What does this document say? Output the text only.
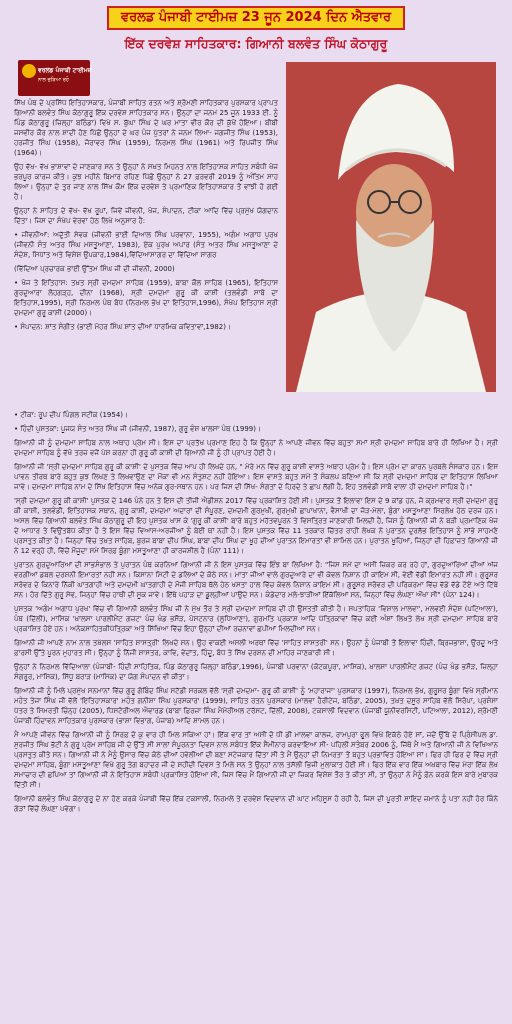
ਵਰਲਡ ਪੰਜਾਬੀ ਟਾਈਮਜ਼ 23 ਜੂਨ 2024 ਦਿਨ ਐਤਵਾਰ
ਇੱਕ ਦਰਵੇਸ਼ ਸਾਹਿਤਕਾਰ: ਗਿਆਨੀ ਬਲਵੰਤ ਸਿੰਘ ਕੋਠਾਗੁਰੂ
ਵਰਲਡ ਪੰਜਾਬੀ ਟਾਈਮਜ਼
ਨਾਲ ਜੁੜਿਆ ਰਹੋ

ਸਿੱਖ ਪੰਥ ਦੇ ਪ੍ਰਸਿੱਧ ਇਤਿਹਾਸਕਾਰ, ਪੰਜਾਬੀ ਸਾਹਿਤ ਰਤਨ ਅਤੇ ਸ਼੍ਰੋਮਣੀ ਸਾਹਿਤਕਾਰ ਪੁਰਸਕਾਰ ਪ੍ਰਾਪਤ ਗਿਆਨੀ ਬਲਵੰਤ ਸਿੰਘ ਕੋਠਾਗੁਰੂ ਇੱਕ ਦਰਵੇਸ਼ ਸਾਹਿਤਕਾਰ ਸਨ। ਉਨ੍ਹਾਂ ਦਾ ਜਨਮ 25 ਜੂਨ 1933 ਈ. ਨੂੰ ਪਿੰਡ ਕੋਠਾਗੁਰੂ (ਜ਼ਿਲ੍ਹਾ ਬਠਿੰਡਾ) ਵਿਖੇ ਸ. ਬੁੱਘਾ ਸਿੰਘ ਦੇ ਘਰ ਮਾਤਾ ਵੀਰ ਕੌਰ ਦੀ ਕੁੱਖੋਂ ਹੋਇਆ। ਬੀਬੀ ਜਸਵੀਰ ਕੌਰ ਨਾਲ ਸ਼ਾਦੀ ਹੋਣ ਪਿੱਛੋਂ ਉਨ੍ਹਾਂ ਦੇ ਘਰ ਪੰਜ ਪੁੱਤਰਾਂ ਨੇ ਜਨਮ ਲਿਆ- ਜਗਜੀਤ ਸਿੰਘ (1953), ਹਰਜੀਤ ਸਿੰਘ (1958), ਜੋਰਾਵਰ ਸਿੰਘ (1959), ਨਿਰਮਲ ਸਿੰਘ (1961) ਅਤੇ ਰਿਪਜੀਤ ਸਿੰਘ (1964)।

ਉਹ ਵੱਖ- ਵੱਖ ਭਾਸ਼ਾਵਾਂ ਦੇ ਜਾਣਕਾਰ ਸਨ ਤੇ ਉਨ੍ਹਾਂ ਨੇ ਸਖ਼ਤ ਮਿਹਨਤ ਨਾਲ ਇਤਿਹਾਸਕ ਸਾਹਿਤ ਸਬੰਧੀ ਖੋਜ ਭਰਪੂਰ ਕਾਰਜ ਕੀਤੇ। ਕੁਝ ਮਹੀਨੇ ਬਿਮਾਰ ਰਹਿਣ ਪਿੱਛੋਂ ਉਨ੍ਹਾਂ ਨੇ 27 ਫ਼ਰਵਰੀ 2019 ਨੂੰ ਅੰਤਿਮ ਸਾਹ ਲਿਆ। ਉਨ੍ਹਾਂ ਦੇ ਤੁਰ ਜਾਣ ਨਾਲ ਸਿੱਖ ਕੌਮ ਇੱਕ ਦਰਵੇਸ਼ ਤੇ ਪ੍ਰਮਾਣਿਕ ਇਤਿਹਾਸਕਾਰ ਤੋਂ ਵਾਂਝੀ ਹੋ ਗਈ ਹੈ।

ਉਨ੍ਹਾਂ ਨੇ ਸਾਹਿਤ ਦੇ ਵੱਖ- ਵੱਖ ਰੂਪਾਂ, ਜਿਵੇਂ ਜੀਵਨੀ, ਖੋਜ, ਸੰਪਾਦਨ, ਟੀਕਾ ਆਦਿ ਵਿੱਚ ਪ੍ਰਮੁੱਖ ਯੋਗਦਾਨ ਦਿੱਤਾ। ਜਿਸ ਦਾ ਸੰਖੇਪ ਵੇਰਵਾ ਹੇਠ ਲਿਖੇ ਅਨੁਸਾਰ ਹੈ:

• ਜੀਵਨੀਆਂ: ਅਦੁੱਤੀ ਸੇਵਕ (ਜੀਵਨੀ ਭਾਈ ਦਿਆਲ ਸਿੰਘ ਪਰਵਾਨਾ, 1955), ਅਗੰਮ ਅਗਾਧ ਪੁਰਖ (ਜੀਵਨੀ ਸੰਤ ਅਤਰ ਸਿੰਘ ਮਸਤੂਆਣਾ, 1983), ਏਕ ਪੁਰਖ ਅਪਾਰ (ਸੰਤ ਅਤਰ ਸਿੰਘ ਮਸਤੂਆਣਾ ਦੇ ਸੰਦੇਸ਼, ਸਿਧਾਂਤ ਅਤੇ ਵਿਸ਼ੇਸ਼ ਉਪਕਾਰ,1984),ਵਿੱਦਿਆਸਾਗਰ ਦਾ ਵਿੱਦਿਆ ਸਾਗਰ

(ਵਿੱਦਿਆ ਪ੍ਰਚਾਰਕ ਭਾਈ ਉੱਤਮ ਸਿੰਘ ਜੀ ਦੀ ਜੀਵਨੀ, 2000)

• ਖੋਜ ਤੇ ਇਤਿਹਾਸ: ਤਖ਼ਤ ਸ੍ਰੀ ਦਮਦਮਾ ਸਾਹਿਬ (1959), ਬਾਬਾ ਕੌਲ ਸਾਹਿਬ (1965), ਇਤਿਹਾਸ ਗੁਰਦੁਆਰਾ ਲੋਹਗੜ੍ਹ, ਦੀਨਾ (1968), ਸ੍ਰੀ ਦਮਦਮਾ ਗੁਰੂ ਕੀ ਕਾਸ਼ੀ (ਤਲਵੰਡੀ ਸਾਬੋ ਦਾ ਇਤਿਹਾਸ,1995), ਸ੍ਰੀ ਨਿਰਮਲ ਪੰਥ ਬੋਧ (ਨਿਰਮਲ ਭੇਖ ਦਾ ਇਤਿਹਾਸ,1996), ਸੰਖੇਪ ਇਤਿਹਾਸ ਸ੍ਰੀ ਦਮਦਮਾ ਗੁਰੂ ਕਾਸ਼ੀ (2000)।

• ਸੰਪਾਦਨ: ਸ਼ਾਂਤ ਸੰਗੀਤ (ਭਾਈ ਮੋਹਰ ਸਿੰਘ ਸ਼ਾਂਤ ਦੀਆਂ ਧਾਰਮਿਕ ਕਵਿਤਾਵਾਂ,1982)।

• ਟੀਕਾ: ਰੂਪ ਦੀਪ ਪਿੰਗਲ ਸਟੀਕ (1954)।

• ਹਿੰਦੀ ਪੁਸਤਕਾਂ: ਪੂਜਯ ਸੰਤ ਅਤਰ ਸਿੰਘ ਜੀ (ਜੀਵਨੀ, 1987), ਗੁਰੂ ਵੰਸ਼ ਖ਼ਾਲਸਾ ਪੰਥ (1999)।

ਗਿਆਨੀ ਜੀ ਨੂੰ ਦਮਦਮਾ ਸਾਹਿਬ ਨਾਲ ਅਥਾਹ ਪ੍ਰੇਮ ਸੀ। ਇਸ ਦਾ ਪ੍ਰਤੱਖ ਪ੍ਰਮਾਣ ਇਹ ਹੈ ਕਿ ਉਨ੍ਹਾਂ ਨੇ ਆਪਣੇ ਜੀਵਨ ਵਿੱਚ ਬਹੁਤਾ ਸਮਾਂ ਸ੍ਰੀ ਦਮਦਮਾ ਸਾਹਿਬ ਬਾਰੇ ਹੀ ਲਿਖਿਆ ਹੈ। ਸ੍ਰੀ ਦਮਦਮਾ ਸਾਹਿਬ ਨੂੰ ਵੱਖੋ ਤਰਜ਼ ਵਜੋਂ ਪੇਸ਼ ਕਰਨਾ ਹੀ ਗੁਰੂ ਕੀ ਕਾਸ਼ੀ ਦੀ ਗਿਆਨੀ ਜੀ ਨੂੰ ਹੀ ਪ੍ਰਾਪਤ ਹੋਈ ਹੈ।

ਗਿਆਨੀ ਜੀ 'ਸ੍ਰੀ ਦਮਦਮਾ ਸਾਹਿਬ ਗੁਰੂ ਕੀ ਕਾਸ਼ੀ' ਦੇ ਪੁਸਤਕ ਵਿੱਚ ਆਪ ਹੀ ਲਿਖਦੇ ਹਨ, " ਮੇਰੇ ਮਨ ਵਿੱਚ ਗੁਰੂ ਕਾਸ਼ੀ ਵਾਸਤੇ ਅਥਾਹ ਪ੍ਰੇਮ ਹੈ। ਇਸ ਪ੍ਰੇਮ ਦਾ ਕਾਰਨ ਪੁਰਬਲੇ ਸੰਸਕਾਰ ਹਨ। ਇਸ ਪਾਵਨ ਤੀਰਥ ਬਾਰੇ ਬਹੁਤ ਕੁਝ ਲਿਖਣ ਤੇ ਲਿਖਵਾਉਣ ਦਾ ਮੌਕਾ ਵੀ ਮਨ ਸੰਤੁਸ਼ਟ ਨਹੀਂ ਹੋਇਆ। ਇਸ ਵਾਸਤੇ ਬਹੁਤ ਸਮੇਂ ਤੋਂ ਸੰਕਲਪ ਬਣਿਆ ਸੀ ਕਿ ਸ੍ਰੀ ਦਮਦਮਾ ਸਾਹਿਬ ਦਾ ਇਤਿਹਾਸ ਲਿਖਿਆ ਜਾਵੇ। ਦਮਦਮਾ ਸਾਹਿਬ ਨਾਮ ਦੇ ਸਿੱਖ ਇਤਿਹਾਸ ਵਿੱਚ ਅਨੇਕ ਗੁਰ-ਸਥਾਨ ਹਨ। ਪਰ ਜਿਸ ਦੀ ਸਿੱਖ- ਸੰਗਤਾਂ ਦੇ ਹਿਰਦੇ ਤੇ ਛਾਪ ਲੱਗੀ ਹੈ, ਇਹ ਤਲਵੰਡੀ ਸਾਬੋ ਵਾਲਾ ਹੀ ਦਮਦਮਾ ਸਾਹਿਬ ਹੈ।"

'ਸ੍ਰੀ ਦਮਦਮਾ ਗੁਰੂ ਕੀ ਕਾਸ਼ੀ' ਪੁਸਤਕ ਦੇ 146 ਪੰਨੇ ਹਨ ਤੇ ਇਸ ਦੀ ਤੀਜੀ ਐਡੀਸ਼ਨ 2017 ਵਿੱਚ ਪ੍ਰਕਾਸ਼ਿਤ ਹੋਈ ਸੀ। ਪੁਸਤਕ ਤੋਂ ਇਲਾਵਾ ਇਸ ਦੇ 9 ਕਾਂਡ ਹਨ, ਜੋ ਕ੍ਰਮਵਾਰ ਸ੍ਰੀ ਦਮਦਮਾ ਗੁਰੂ ਕੀ ਕਾਸ਼ੀ, ਤਲਵੰਡੀ, ਇਤਿਹਾਸਕ ਸਥਾਨ, ਗੁਰੂ ਕਾਸ਼ੀ, ਦਮਦਮਾ ਅਦਾਰਾਂ ਦੀ ਸੰਪੂਰਣ, ਦਮਦਮੀ ਗੁਰਮੁਖੀ, ਗੁਰਮੁਖੀ ਛਾਪਾਖਾਨਾ, ਵੈਸਾਖੀ ਦਾ ਜੋੜ-ਮੇਲਾ, ਬੁੰਗਾ ਮਸਤੂਆਣਾ ਸਿਰਲੇਖ ਹੇਠ ਦਰਜ ਹਨ। ਅਸਲ ਵਿੱਚ ਗਿਆਨੀ ਬਲਵੰਤ ਸਿੰਘ ਕੋਠਾਗੁਰੂ ਦੀ ਇਹ ਪੁਸਤਕ ਖਾਸ ਕੇ 'ਗੁਰੂ ਕੀ ਕਾਸ਼ੀ' ਬਾਰੇ ਬਹੁਤ ਮਹੱਤਵਪੂਰਨ ਤੇ ਵਿਸਤ੍ਰਿਤ ਜਾਣਕਾਰੀ ਮਿਲਦੀ ਹੈ, ਜਿਸ ਨੂੰ ਗਿਆਨੀ ਜੀ ਨੇ ਬੜੀ ਪ੍ਰਮਾਣਿਕ ਖੋਜ ਦੇ ਆਧਾਰ ਤੇ ਵਿਉਂਤਬੱਧ ਕੀਤਾ ਹੈ ਤੇ ਇਸ ਵਿੱਚ ਵਿਆਸ-ਅਰਜੀਆਂ ਨੂੰ ਬੇਈ ਥਾਂ ਨਹੀਂ ਹੈ। ਇਸ ਪੁਸਤਕ ਵਿੱਚ 11 ਤਰਕਾਰ ਚਿੱਤਰ ਰਾਹੀਂ ਲੇਖਕ ਨੇ ਪੁਰਾਤਨ ਦੁਰਲੱਭ ਇਤਿਹਾਸ ਨੂੰ ਸਾਂਭੇ ਸਾਹਮਣੇ ਪ੍ਰਸਤੁਤ ਕੀਤਾ ਹੈ। ਜਿਨ੍ਹਾਂ ਵਿੱਚ ਤਖ਼ਤ ਸਾਹਿਬ, ਬੁਰਜ ਬਾਬਾ ਦੀਪ ਸਿੰਘ, ਬਾਬਾ ਦੀਪ ਸਿੰਘ ਦਾ ਖੂਹ ਦੀਆਂ ਪੁਰਾਤਨ ਇਮਾਰਤਾਂ ਵੀ ਸ਼ਾਮਿਲ ਹਨ। ਪੁਰਾਤਨ ਖੂਹਿਆਂ, ਜਿਨ੍ਹਾਂ ਦੀ ਹਿਫ਼ਾਜ਼ਤ ਗਿਆਨੀ ਜੀ ਨੇ 12 ਵਰ੍ਹੇ ਹੀ, ਵਿੱਚੋਂ ਮੌਜੂਦਾ ਸਮੇਂ ਸਿਰਫ਼ ਬੂੰਗਾ ਮਸਤੂਆਣਾ ਹੀ ਕਾਰਜਸ਼ੀਲ ਹੈ (ਪੰਨਾ 111)।

ਪੁਰਾਤਨ ਗੁਰਦੁਆਰਿਆਂ ਦੀ ਸਾਂਭਸੰਭਾਲ ਤੇ ਪੁਰਾਤਨ ਪੰਥ ਕਰਨਿਆਂ ਗਿਆਨੀ ਜੀ ਨੇ ਇਸ ਪੁਸਤਕ ਵਿੱਚ ਇੰਝ ਬਾ ਲਿਖਿਆ ਹੈ: "ਜਿਸ ਸਮੇਂ ਦਾ ਅਸੀਂ ਜ਼ਿਕਰ ਕਰ ਰਹੇ ਹਾਂ, ਗੁਰਦੁਆਰਿਆਂ ਦੀਆਂ ਅੱਜ ਵਰਗੀਆਂ ਡਬਲ ਦਰਸ਼ਨੀ ਇਮਾਰਤਾਂ ਨਹੀਂ ਸਨ। ਕਿਸਾਨਾ ਮਿੱਟੀ ਦੇ ਡਲਿਆਂ ਦੇ ਕੋਠੇ ਸਨ। ਮਾਤਾ ਜੀਆਂ ਵਾਲੇ ਗੁਰਦੁਆਰੇ ਦਾ ਵੀ ਕੇਵਲ ਨਿਸ਼ਾਨ ਹੀ ਕਾਇਮ ਸੀ, ਵੇਈਂ ਵੱਡੀ ਇਮਾਰਤ ਨਹੀਂ ਸੀ। ਗੁਰੂਸਰ ਸਰੋਵਰ ਦੇ ਕਿਨਾਰੇ ਨਿੱਕੀ ਘਾਤਗਾਹੀ ਅਤੇ ਦਮਦਮੀ ਘਾਤਗਾਹੀ ਦੇ ਮੌਜੀ ਸਾਹਿਬ ਥੱਲੇ ਹੇਠ ਖਸਤਾ ਹਾਲ ਵਿੱਚ ਕੇਵਲ ਨਿਸ਼ਾਨ ਕਾਇਮ ਸੀ। ਗੁਰੂਸਰ ਸਰੋਵਰ ਦੀ ਪਰਿਕਰਮਾ ਵਿੱਚ ਵੱਡੇ ਵੱਡੇ ਟੋਏ ਅਤੇ ਟਿੱਬੇ ਸਨ। ਹੋਰ ਦਿੱਤੇ ਗੁਰੂ ਸੇਵ, ਜਿਨ੍ਹਾਂ ਵਿੱਚ ਹਾਥੀ ਦੀ ਸੂਕ ਜਾਵੇ। ਇੱਥੇ ਪਹਾੜ ਦਾ ਡੂਲ੍ਹੀਆਂ ਪਾਉਂਦੇ ਸਨ। ਕੰਡੇਦਾਰ ਮਲੇ-ਝਾੜੀਆਂ ਇੱਕੱਲਿਆਂ ਸਨ, ਜਿਨ੍ਹਾਂ ਵਿੱਚ ਲੰਘਣਾ ਔਖਾ ਸੀ" (ਪੰਨਾ 124)।

ਪੁਸਤਕ 'ਅਗੰਮ ਅਗਾਧ ਪੁਰਖ' ਵਿੱਚ ਵੀ ਗਿਆਨੀ ਬਲਵੰਤ ਸਿੰਘ ਜੀ ਨੇ ਮੁੱਖ ਤੌਰ ਤੇ ਸ੍ਰੀ ਦਮਦਮਾ ਸਾਹਿਬ ਦੀ ਹੀ ਉਸਤਤੀ ਕੀਤੀ ਹੈ। ਸਪਤਾਹਿਕ 'ਵਿਸ਼ਾਲ ਮਾਲਵਾ', ਮਲਵਈ ਸੰਦੇਸ਼ (ਪਟਿਆਲਾ), ਪੰਥ (ਦਿੱਲੀ), ਮਾਸਿਕ 'ਖ਼ਾਲਸਾ ਪਾਰਲੀਮੈਂਟ ਗਜ਼ਟ' ਪੰਚ ਖੰਡ ਭਸੌੜ, ਪੋਸਟਨਾਰ (ਲੁਧਿਆਣਾ), ਗੁਰਮਤਿ ਪ੍ਰਕਾਸ਼ ਆਦਿ ਪੱਤ੍ਰਿਕਾਵਾਂ ਵਿੱਚ ਕਈਂ ਅੰਸ਼ਾਂ ਲਿਖਤੇ ਲੇਖ ਸ੍ਰੀ ਦਮਦਮਾ ਸਾਹਿਬ ਬਾਰੇ ਪ੍ਰਕਾਸ਼ਿਤ ਹੋਏ ਹਨ। ਅਨੇਕਸਾਹਿਤਕੀਪੱਤ੍ਰਿਕਾ ਅਤੇ ਸਿੱਖਿਆ ਵਿੱਚ ਇਹਾ ਉਨ੍ਹਾਂ ਦੀਆਂ ਰਚਨਾਵਾਂ ਛਪੀਆਂ ਮਿਲਦੀਆਂ ਸਨ।

ਗਿਆਨੀ ਜੀ ਆਪਣੇ ਨਾਮ ਨਾਲ ਤਖ਼ੱਲਸ 'ਸਾਹਿਤ ਸ਼ਾਸਤ੍ਰੀ' ਲਿਖਦੇ ਸਨ। ਉਹ ਵਾਕਈ ਅਸਲੀ ਅਰਥਾਂ ਵਿੱਚ 'ਸਾਹਿਤ ਸ਼ਾਸਤਰੀ' ਸਨ। ਉਹਨਾਂ ਨੂੰ ਪੰਜਾਬੀ ਤੋਂ ਇਲਾਵਾ ਹਿੰਦੀ, ਬ੍ਰਿਜਭਾਸ਼ਾ, ਉਰਦੂ ਅਤੇ ਫ਼ਾਰਸੀ ਉੱਤੇ ਪੂਰਨ ਮੁਹਾਰਤ ਸੀ। ਉਨ੍ਹਾਂ ਨੂੰ ਨਿੱਜੀ ਸ਼ਾਸਤਰ, ਕਾਵਿ, ਵੇਦਾਂਤ, ਹਿੰਦੂ, ਬੋਧ ਤੇ ਸਿੱਖ ਦਰਸ਼ਨ ਦੀ ਮਾਹਿਰ ਜਾਣਕਾਰੀ ਸੀ।

ਉਨ੍ਹਾਂ ਨੇ ਨਿਰਮਲ ਵਿੱਦਿਆਲਾ (ਪੰਜਾਬੀ- ਹਿੰਦੀ ਸਾਹਿਤਿਕ, ਪਿੰਡ ਕੋਠਾਗੁਰੂ ਜ਼ਿਲ੍ਹਾ ਬਠਿੰਡਾ,1996), ਪੰਜਾਬੀ ਪਰਵਾਨਾ (ਕੋਟਕਪੂਰਾ, ਮਾਸਿਕ), ਖ਼ਾਲਸਾ ਪਾਰਲੀਮੈਂਟ ਗਜ਼ਟ (ਪੰਚ ਖੰਡ ਭਸੌੜ, ਜ਼ਿਲ੍ਹਾ ਸੰਗਰੂਰ, ਮਾਸਿਕ), ਸਿੱਧੂ ਬਰਾੜ (ਮਾਸਿਕ) ਦਾ ਯੋਗ ਸੰਪਾਦਨ ਵੀ ਕੀਤਾ।

ਗਿਆਨੀ ਜੀ ਨੂੰ ਮਿਲੇ ਪ੍ਰਮੁੱਖ ਸਨਮਾਨਾਂ ਵਿੱਚ ਗੁਰੂ ਗੋਬਿੰਦ ਸਿੰਘ ਸਟੱਡੀ ਸਰਕਲ ਵੱਲੋਂ 'ਸ੍ਰੀ ਦਮਦਮਾ- ਗੁਰੂ ਕੀ ਕਾਸ਼ੀ' ਨੂੰ 'ਮਹਾਰਾਜਾ' ਪੁਰਸਕਾਰ (1997), ਨਿਰਮਲ ਭੇਖ, ਗੁਰੂਸਰ ਬੂੰਗਾ ਵਿਖੇ ਸ੍ਰੀਮਾਨ ਮਹੰਤ ਤੇਜਾ ਸਿੰਘ ਜੀ ਵੱਲੋਂ 'ਇਤਿਹਾਸਕਾਰ' ਮਹੰਤ ਗਨੀਸ਼ਾ ਸਿੰਘ ਪੁਰਸਕਾਰ' (1999), ਸਾਹਿਤ ਰਤਨ ਪੁਰਸਕਾਰ (ਮਾਲਵਾ ਹੈਰੀਟੇਜ, ਬਠਿੰਡਾ, 2005), ਤਖ਼ਤ ਦਸੂਰ ਸਾਹਿਬ ਵੱਲੋਂ ਸਿਰੋਪਾ, ਪ੍ਰਸ਼ੰਸਾ ਪੱਤਰ ਤੇ ਸਿਮਰਤੀ ਚਿੰਨ੍ਹ (2005), ਧਿਸਟੋਰੀਅਲ ਐਵਾਰਡ (ਬਾਬਾ ਫ਼ਿਰਜ਼ਾ ਸਿੰਘ ਮੈਮੋਰੀਅਲ ਟਰੱਸਟ, ਦਿੱਲੀ, 2008), ਟਕਸਾਲੀ ਵਿਦਵਾਨ (ਪੰਜਾਬੀ ਯੂਨੀਵਰਸਿਟੀ, ਪਟਿਆਲਾ, 2012), ਸ਼੍ਰੋਮਣੀ ਪੰਜਾਬੀ ਹਿੰਦਾਵਨ ਸਾਹਿਤਕਾਰ ਪੁਰਸਕਾਰ (ਭਾਸ਼ਾ ਵਿਭਾਗ, ਪੰਜਾਬ) ਆਦਿ ਸ਼ਾਮਲ ਹਨ।

ਮੈਂ ਆਪਣੇ ਜੀਵਨ ਵਿੱਚ ਗਿਆਨੀ ਜੀ ਨੂੰ ਸਿਰਫ਼ ਦੋ ਕੁ ਵਾਰ ਹੀ ਮਿਲ ਸਕਿਆ ਹਾਂ। ਇੱਕ ਵਾਰ ਤਾਂ ਅਸੀਂ ਦੋ ਧੀ ਡੀ ਮਾਲਵਾ ਕਾਲਜ, ਰਾਮਪੁਰਾ ਫੂਲ ਵਿਖੇ ਇਕੱਠੇ ਹੋਏ ਸਾਂ, ਜਦੋਂ ਉੱਥੇ ਦੇ ਪ੍ਰਿੰਸੀਪਲ ਡਾ. ਸੁਰਜੀਤ ਸਿੰਘ ਭੱਟੀ ਨੇ ਗੁਰੂ ਪ੍ਰੇਮ ਸਾਹਿਬ ਜੀ ਦੇ ਉੱਤੇ ਸੀ ਸਾਲਾਂ ਸੰਪੂਰਨਤਾ ਦਿਵਸ ਨਾਲ ਸਬੰਧਤ ਇੱਕ ਸੈਮੀਨਾਰ ਕਰਵਾਇਆ ਸੀ- ਪਹਿਲੀ ਸਤੰਬਰ 2006 ਨੂੰ, ਜਿੱਥੇ ਮੈਂ ਅਤੇ ਗਿਆਨੀ ਜੀ ਨੇ ਵਿਖਿਆਨ ਪ੍ਰਸਤੁਤ ਕੀਤੇ ਸਨ। ਗਿਆਨੀ ਜੀ ਨੇ ਮੈਨੂੰ ਉਸਾਰ ਵਿੱਚ ਕੋਠੇ ਦੀਆਂ ਹਵੇਲੀਆਂ ਦੀ ਬਣਾ ਸਟੇਜਕਾਰ ਦਿੱਤਾ ਸੀ ਤੇ ਮੈਂ ਉਨ੍ਹਾਂ ਦੀ ਨਿਮਰਤਾ ਤੋਂ ਬਹੁਤ ਪ੍ਰਭਾਵਿਤ ਹੋਇਆ ਸਾਂ। ਫਿਰ ਹੀ ਫਿਰ ਦੇ ਵਿੱਚ ਸ੍ਰੀ ਦਮਦਮਾ ਸਾਹਿਬ, ਬੂੰਗਾ ਮਸਤੂਆਣਾ ਵਿਖੇ ਗੁਰੂ ਤੇਗ ਬਹਾਦਰ ਜੀ ਦੇ ਸ਼ਹੀਦੀ ਦਿਵਸ ਤੇ ਮਿਲੇ ਸਨ ਤੇ ਉਨ੍ਹਾਂ ਨਾਲ ਤਸੱਲੀ ਭਿਜੀ ਮੁਲਾਕਾਤ ਹੋਈ ਸੀ। ਫਿਰ ਇੱਕ ਵਾਰ ਇੱਕ ਅਖ਼ਬਾਰ ਵਿੱਚ ਮੇਰਾ ਇੱਕ ਲੇਖ ਸਮਾਚਾਰ ਦੀ ਛਪਿਆ ਤਾਂ ਗਿਆਨੀ ਜੀ ਨੇ ਇਤਿਹਾਸ ਸਬੰਧੀ ਪ੍ਰਕਾਸ਼ਿਤ ਹੋਇਆ ਸੀ, ਜਿਸ ਵਿੱਚ ਮੈਂ ਗਿਆਨੀ ਜੀ ਦਾ ਜ਼ਿਕਰ ਵਿਸ਼ੇਸ਼ ਤੌਰ ਤੇ ਕੀਤਾ ਸੀ, ਤਾਂ ਉਨ੍ਹਾਂ ਨੇ ਮੈਨੂੰ ਫ਼ੋਨ ਕਰਕੇ ਇਸ ਬਾਰੇ ਮੁਬਾਰਕ ਦਿੱਤੀ ਸੀ।

ਗਿਆਨੀ ਬਲਵੰਤ ਸਿੰਘ ਕੋਠਾਗੁਰੂ ਦੇ ਨਾ ਹੋਣ ਕਰਕੇ ਪੰਜਾਬੀ ਵਿੱਚ ਇੱਕ ਟਕਸਾਲੀ, ਨਿਰਮਲੇ ਤੇ ਦਰਵੇਸ਼ ਵਿਦਵਾਨ ਦੀ ਘਾਟ ਮਹਿਸੂਸ ਹੋ ਰਹੀ ਹੈ, ਜਿਸ ਦੀ ਪੂਰਤੀ ਸ਼ਾਇਦ ਜ਼ਮਾਨੇ ਨੂੰ ਪਤਾ ਨਹੀਂ ਹੋਰ ਕਿੰਨੇ ਗੇੜਾਂ ਵਿੱਚੋਂ ਲੰਘਣਾ ਪਵੇਗਾ।
